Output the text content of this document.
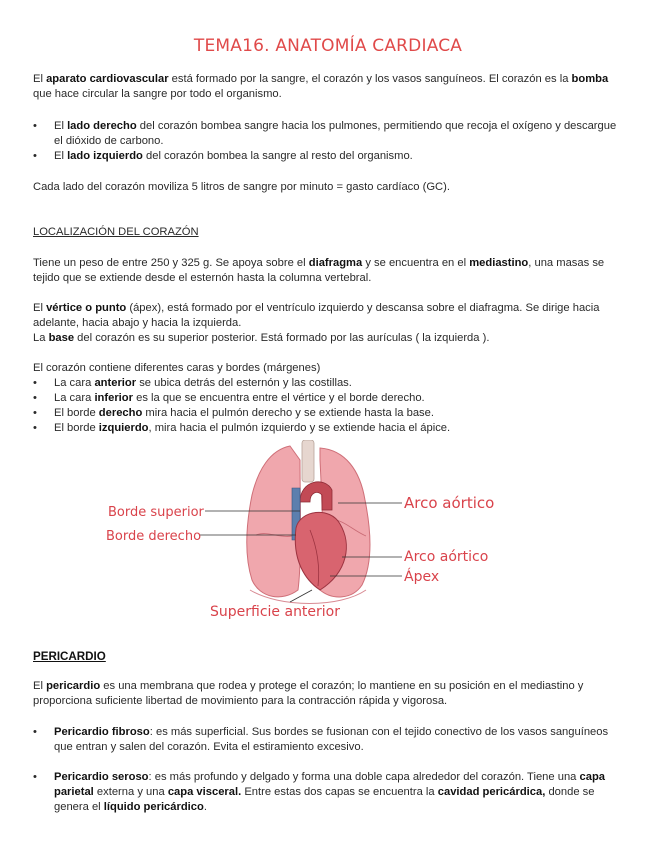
TEMA16. ANATOMÍA CARDIACA
El aparato cardiovascular está formado por la sangre, el corazón y los vasos sanguíneos. El corazón es la bomba que hace circular la sangre por todo el organismo.
• El lado derecho del corazón bombea sangre hacia los pulmones, permitiendo que recoja el oxígeno y descargue el dióxido de carbono.
• El lado izquierdo del corazón bombea la sangre al resto del organismo.
Cada lado del corazón moviliza 5 litros de sangre por minuto = gasto cardíaco (GC).
LOCALIZACIÓN DEL CORAZÓN
Tiene un peso de entre 250 y 325 g. Se apoya sobre el diafragma y se encuentra en el mediastino, una masas se tejido que se extiende desde el esternón hasta la columna vertebral.
El vértice o punto (ápex), está formado por el ventrículo izquierdo y descansa sobre el diafragma. Se dirige hacia adelante, hacia abajo y hacia la izquierda.
La base del corazón es su superior posterior. Está formado por las aurículas ( la izquierda ).
El corazón contiene diferentes caras y bordes (márgenes)
• La cara anterior se ubica detrás del esternón y las costillas.
• La cara inferior es la que se encuentra entre el vértice y el borde derecho.
• El borde derecho mira hacia el pulmón derecho y se extiende hasta la base.
• El borde izquierdo, mira hacia el pulmón izquierdo y se extiende hacia el ápice.
Borde superior
Borde derecho
Arco aórtico
Arco aórtico
Ápex
Superficie anterior
PERICARDIO
El pericardio es una membrana que rodea y protege el corazón; lo mantiene en su posición en el mediastino y proporciona suficiente libertad de movimiento para la contracción rápida y vigorosa.
• Pericardio fibroso: es más superficial. Sus bordes se fusionan con el tejido conectivo de los vasos sanguíneos que entran y salen del corazón. Evita el estiramiento excesivo.
• Pericardio seroso: es más profundo y delgado y forma una doble capa alrededor del corazón. Tiene una capa parietal externa y una capa visceral. Entre estas dos capas se encuentra la cavidad pericárdica, donde se genera el líquido pericárdico.
